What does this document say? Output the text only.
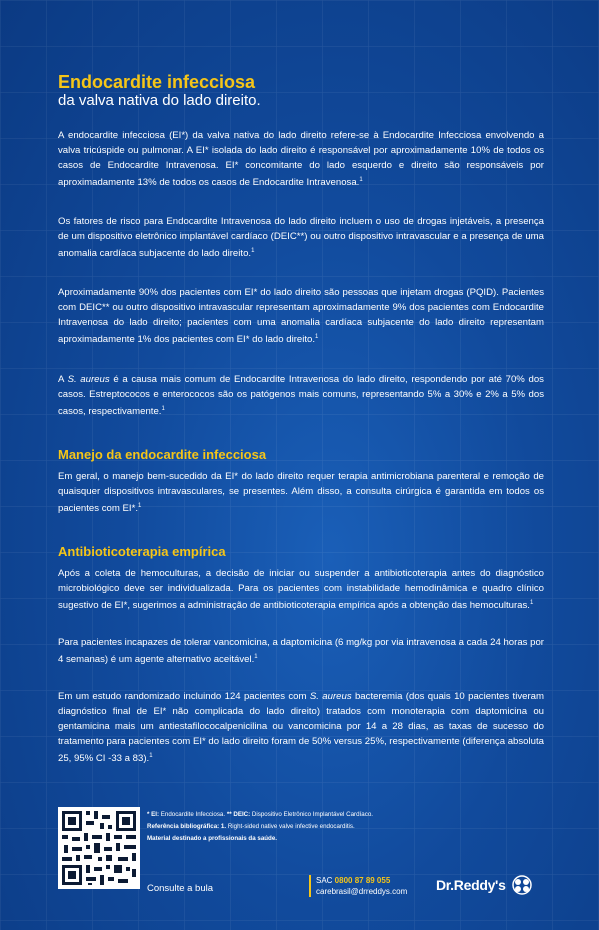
Endocardite infecciosa
da valva nativa do lado direito.

A endocardite infecciosa (EI*) da valva nativa do lado direito refere-se à Endocardite Infecciosa envolvendo a valva tricúspide ou pulmonar. A EI* isolada do lado direito é responsável por aproximadamente 10% de todos os casos de Endocardite Intravenosa. EI* concomitante do lado esquerdo e direito são responsáveis por aproximadamente 13% de todos os casos de Endocardite Intravenosa.$^1$

Os fatores de risco para Endocardite Intravenosa do lado direito incluem o uso de drogas injetáveis, a presença de um dispositivo eletrônico implantável cardíaco (DEIC**) ou outro dispositivo intravascular e a presença de uma anomalia cardíaca subjacente do lado direito.$^1$

Aproximadamente 90% dos pacientes com EI* do lado direito são pessoas que injetam drogas (PQID). Pacientes com DEIC** ou outro dispositivo intravascular representam aproximadamente 9% dos pacientes com Endocardite Intravenosa do lado direito; pacientes com uma anomalia cardíaca subjacente do lado direito representam aproximadamente 1% dos pacientes com EI* do lado direito.$^1$

A S. aureus é a causa mais comum de Endocardite Intravenosa do lado direito, respondendo por até 70% dos casos. Estreptococos e enterococos são os patógenos mais comuns, representando 5% a 30% e 2% a 5% dos casos, respectivamente.$^1$

Manejo da endocardite infecciosa

Em geral, o manejo bem-sucedido da EI* do lado direito requer terapia antimicrobiana parenteral e remoção de quaisquer dispositivos intravasculares, se presentes. Além disso, a consulta cirúrgica é garantida em todos os pacientes com EI*.$^1$

Antibioticoterapia empírica

Após a coleta de hemoculturas, a decisão de iniciar ou suspender a antibioticoterapia antes do diagnóstico microbiológico deve ser individualizada. Para os pacientes com instabilidade hemodinâmica e quadro clínico sugestivo de EI*, sugerimos a administração de antibioticoterapia empírica após a obtenção das hemoculturas.$^1$

Para pacientes incapazes de tolerar vancomicina, a daptomicina (6 mg/kg por via intravenosa a cada 24 horas por 4 semanas) é um agente alternativo aceitável.$^1$

Em um estudo randomizado incluindo 124 pacientes com S. aureus bacteremia (dos quais 10 pacientes tiveram diagnóstico final de EI* não complicada do lado direito) tratados com monoterapia com daptomicina ou gentamicina mais um antiestafilococalpenicilina ou vancomicina por 14 a 28 dias, as taxas de sucesso do tratamento para pacientes com EI* do lado direito foram de 50% versus 25%, respectivamente (diferença absoluta 25, 95% CI -33 a 83).$^1$

* EI: Endocardite Infecciosa. ** DEIC: Dispositivo Eletrônico Implantável Cardíaco.
Referência bibliográfica: 1. Right-sided native valve infective endocarditis.
Material destinado a profissionais da saúde.
Consulte a bula
SAC 0800 87 89 055
carebrasil@drreddys.com Dr.Reddy's
